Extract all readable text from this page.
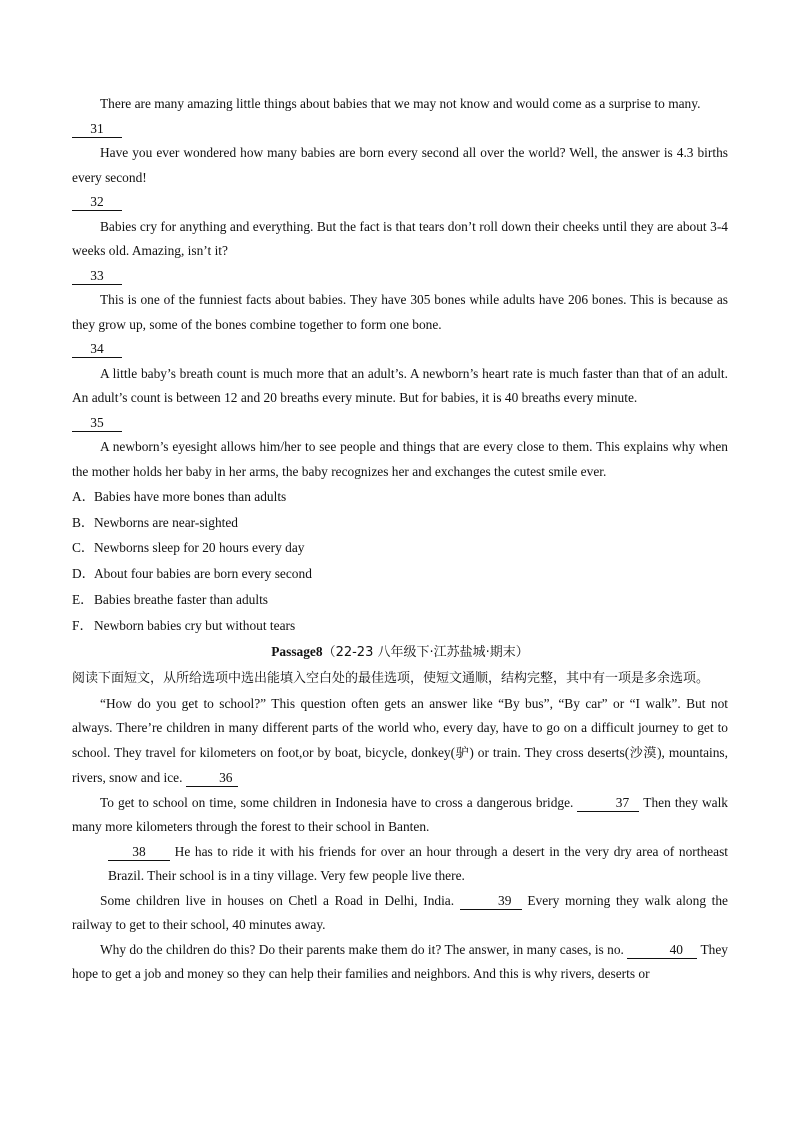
There are many amazing little things about babies that we may not know and would come as a surprise to many.

31

Have you ever wondered how many babies are born every second all over the world? Well, the answer is 4.3 births every second!

32

Babies cry for anything and everything. But the fact is that tears don’t roll down their cheeks until they are about 3-4 weeks old. Amazing, isn’t it?

33

This is one of the funniest facts about babies. They have 305 bones while adults have 206 bones. This is because as they grow up, some of the bones combine together to form one bone.

34

A little baby’s breath count is much more that an adult’s. A newborn’s heart rate is much faster than that of an adult. An adult’s count is between 12 and 20 breaths every minute. But for babies, it is 40 breaths every minute.

35

A newborn’s eyesight allows him/her to see people and things that are every close to them. This explains why when the mother holds her baby in her arms, the baby recognizes her and exchanges the cutest smile ever.

A．Babies have more bones than adults

B．Newborns are near-sighted

C．Newborns sleep for 20 hours every day

D．About four babies are born every second

E．Babies breathe faster than adults

F．Newborn babies cry but without tears

Passage8（22-23 八年级下·江苏盐城·期末）

阅读下面短文，从所给选项中选出能填入空白处的最佳选项，使短文通顺，结构完整，其中有一项是多余选项。

“How do you get to school?” This question often gets an answer like “By bus”, “By car” or “I walk”. But not always. There’re children in many different parts of the world who, every day, have to go on a difficult journey to get to school. They travel for kilometers on foot,or by boat, bicycle, donkey(驴) or train. They cross deserts(沙漠), mountains, rivers, snow and ice.	36

To get to school on time, some children in Indonesia have to cross a dangerous bridge.	37 Then they walk many more kilometers through the forest to their school in Banten.

38 He has to ride it with his friends for over an hour through a desert in the very dry area of northeast Brazil. Their school is in a tiny village. Very few people live there.

Some children live in houses on Chetl a Road in Delhi, India.	39 Every morning they walk along the railway to get to their school, 40 minutes away.

Why do the children do this? Do their parents make them do it? The answer, in many cases, is no.	40 They hope to get a job and money so they can help their families and neighbors. And this is why rivers, deserts or
